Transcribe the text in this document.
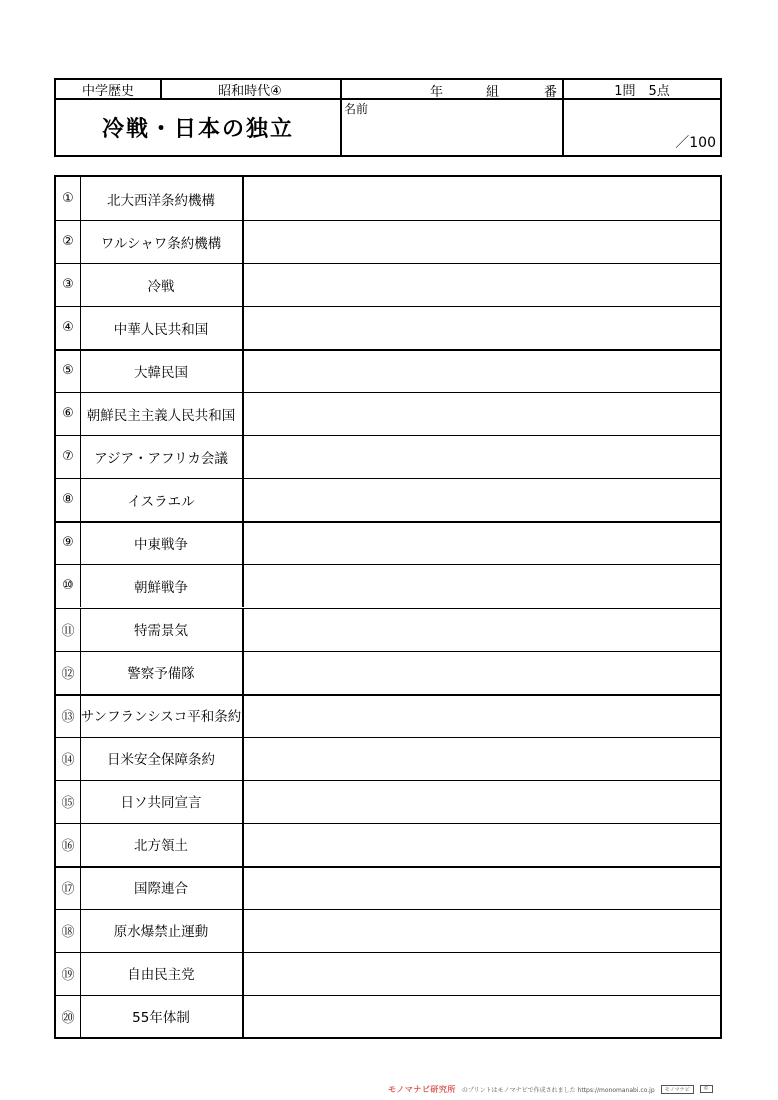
中学歴史	昭和時代④	年	組	番	1問　5点
冷戦・日本の独立
名前
／100
①	北大西洋条約機構
②	ワルシャワ条約機構
③	冷戦
④	中華人民共和国
⑤	大韓民国
⑥ 朝鮮民主主義人民共和国
⑦	アジア・アフリカ会議
⑧	イスラエル
⑨	中東戦争
⑩	朝鮮戦争
⑪	特需景気
⑫	警察予備隊
⑬ サンフランシスコ平和条約
⑭	日米安全保障条約
⑮	日ソ共同宣言
⑯	北方領土
⑰	国際連合
⑱	原水爆禁止運動
⑲	自由民主党
⑳	55年体制
モノマナビ研究所 のプリントはモノマナビで作成されました https://monomanabi.co.jp	モノマナビ	©
